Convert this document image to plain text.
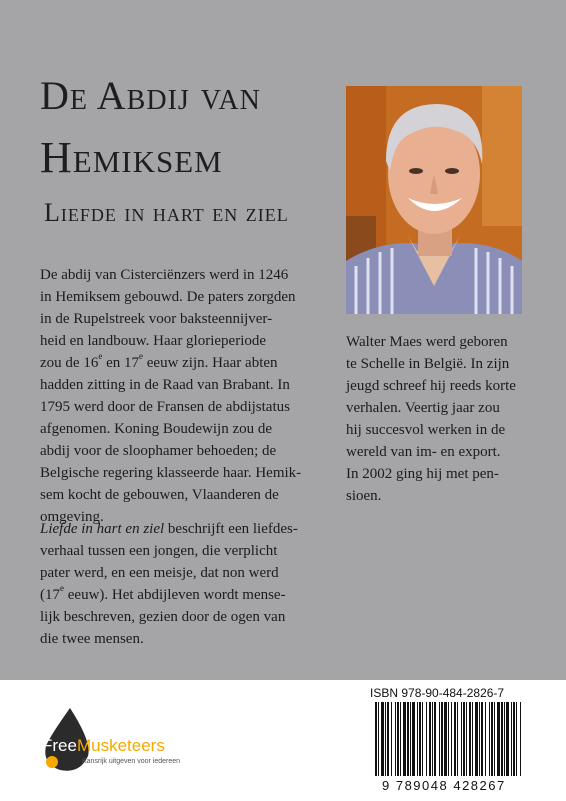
De Abdij van
Hemiksem
Liefde in hart en ziel
De abdij van Cisterciënzers werd in 1246
in Hemiksem gebouwd. De paters zorgden
in de Rupelstreek voor baksteennijver-
heid en landbouw. Haar glorieperiode
zou de 16e en 17e eeuw zijn. Haar abten
hadden zitting in de Raad van Brabant. In
1795 werd door de Fransen de abdijstatus
afgenomen. Koning Boudewijn zou de
abdij voor de sloophamer behoeden; de
Belgische regering klasseerde haar. Hemik-
sem kocht de gebouwen, Vlaanderen de
omgeving.
Liefde in hart en ziel beschrijft een liefdes-
verhaal tussen een jongen, die verplicht
pater werd, en een meisje, dat non werd
(17e eeuw). Het abdijleven wordt mense-
lijk beschreven, gezien door de ogen van
die twee mensen.
Walter Maes werd geboren
te Schelle in België. In zijn
jeugd schreef hij reeds korte
verhalen. Veertig jaar zou
hij succesvol werken in de
wereld van im- en export.
In 2002 ging hij met pen-
sioen.
FreeMusketeers
Kansrijk uitgeven voor iedereen
ISBN 978-90-484-2826-7
9 789048 428267
